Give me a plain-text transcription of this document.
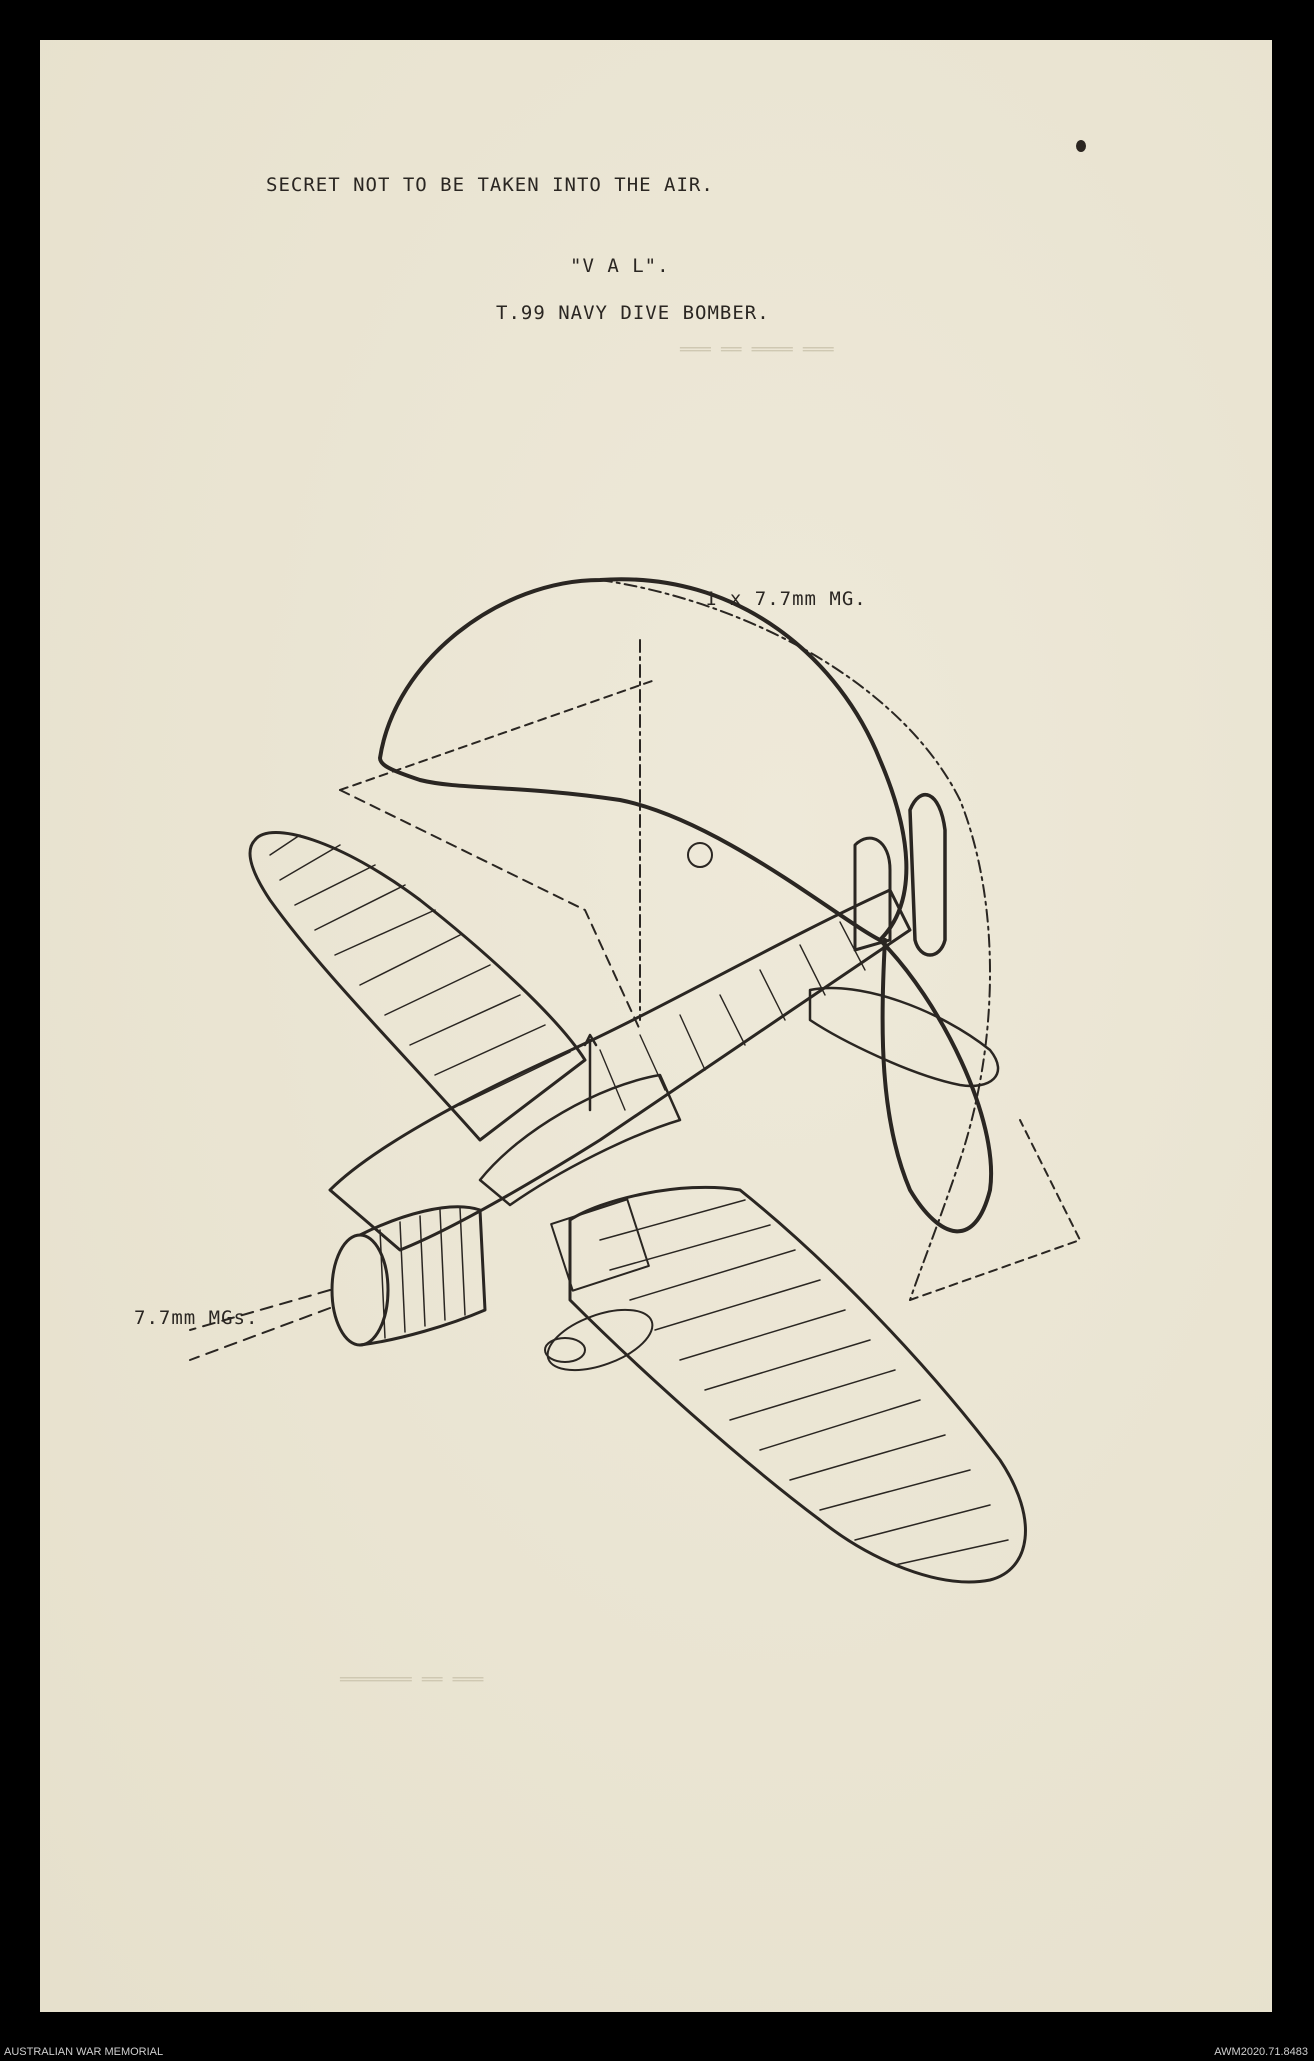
SECRET NOT TO BE TAKEN INTO THE AIR.
"V A L".
T.99 NAVY DIVE BOMBER.
═══ ══ ════ ═══
═══════ ══ ═══
1 x 7.7mm MG.
7.7mm MGs.
AUSTRALIAN WAR MEMORIAL	AWM2020.71.8483
